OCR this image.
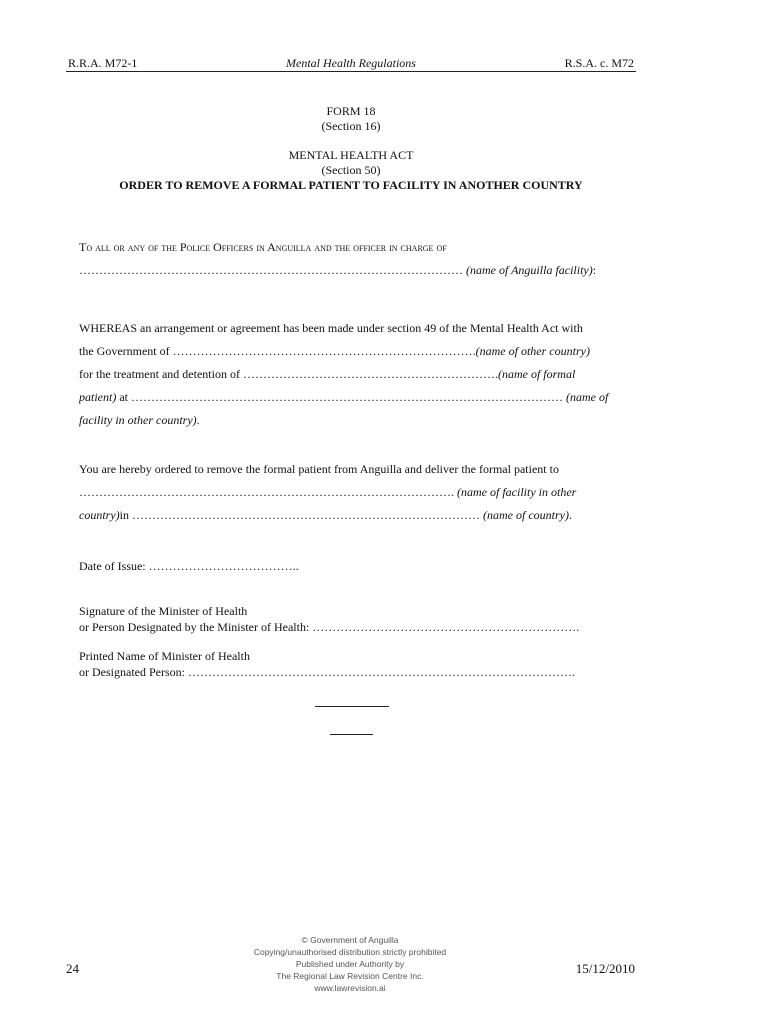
R.R.A. M72-1	Mental Health Regulations	R.S.A. c. M72
FORM 18
(Section 16)
MENTAL HEALTH ACT
(Section 50)
ORDER TO REMOVE A FORMAL PATIENT TO FACILITY IN ANOTHER COUNTRY
To all or any of the Police Officers in Anguilla and the officer in charge of
…………………………………………………………………………………… (name of Anguilla facility):
WHEREAS an arrangement or agreement has been made under section 49 of the Mental Health Act with
the Government of ………………………………………………………………….(name of other country)
for the treatment and detention of ……………………………………………………….(name of formal
patient) at ……………………………………………………………………………………………… (name of
facility in other country).
You are hereby ordered to remove the formal patient from Anguilla and deliver the formal patient to
…………………………………………………………………………………. (name of facility in other
country)in …………………………………………………………………………… (name of country).
Date of Issue: ………………………………..
Signature of the Minister of Health
or Person Designated by the Minister of Health: ………………………………………………………….
Printed Name of Minister of Health
or Designated Person: …………………………………………………………………………………….
© Government of Anguilla
Copying/unauthorised distribution strictly prohibited
Published under Authority by
The Regional Law Revision Centre Inc.
www.lawrevision.ai
24	15/12/2010
